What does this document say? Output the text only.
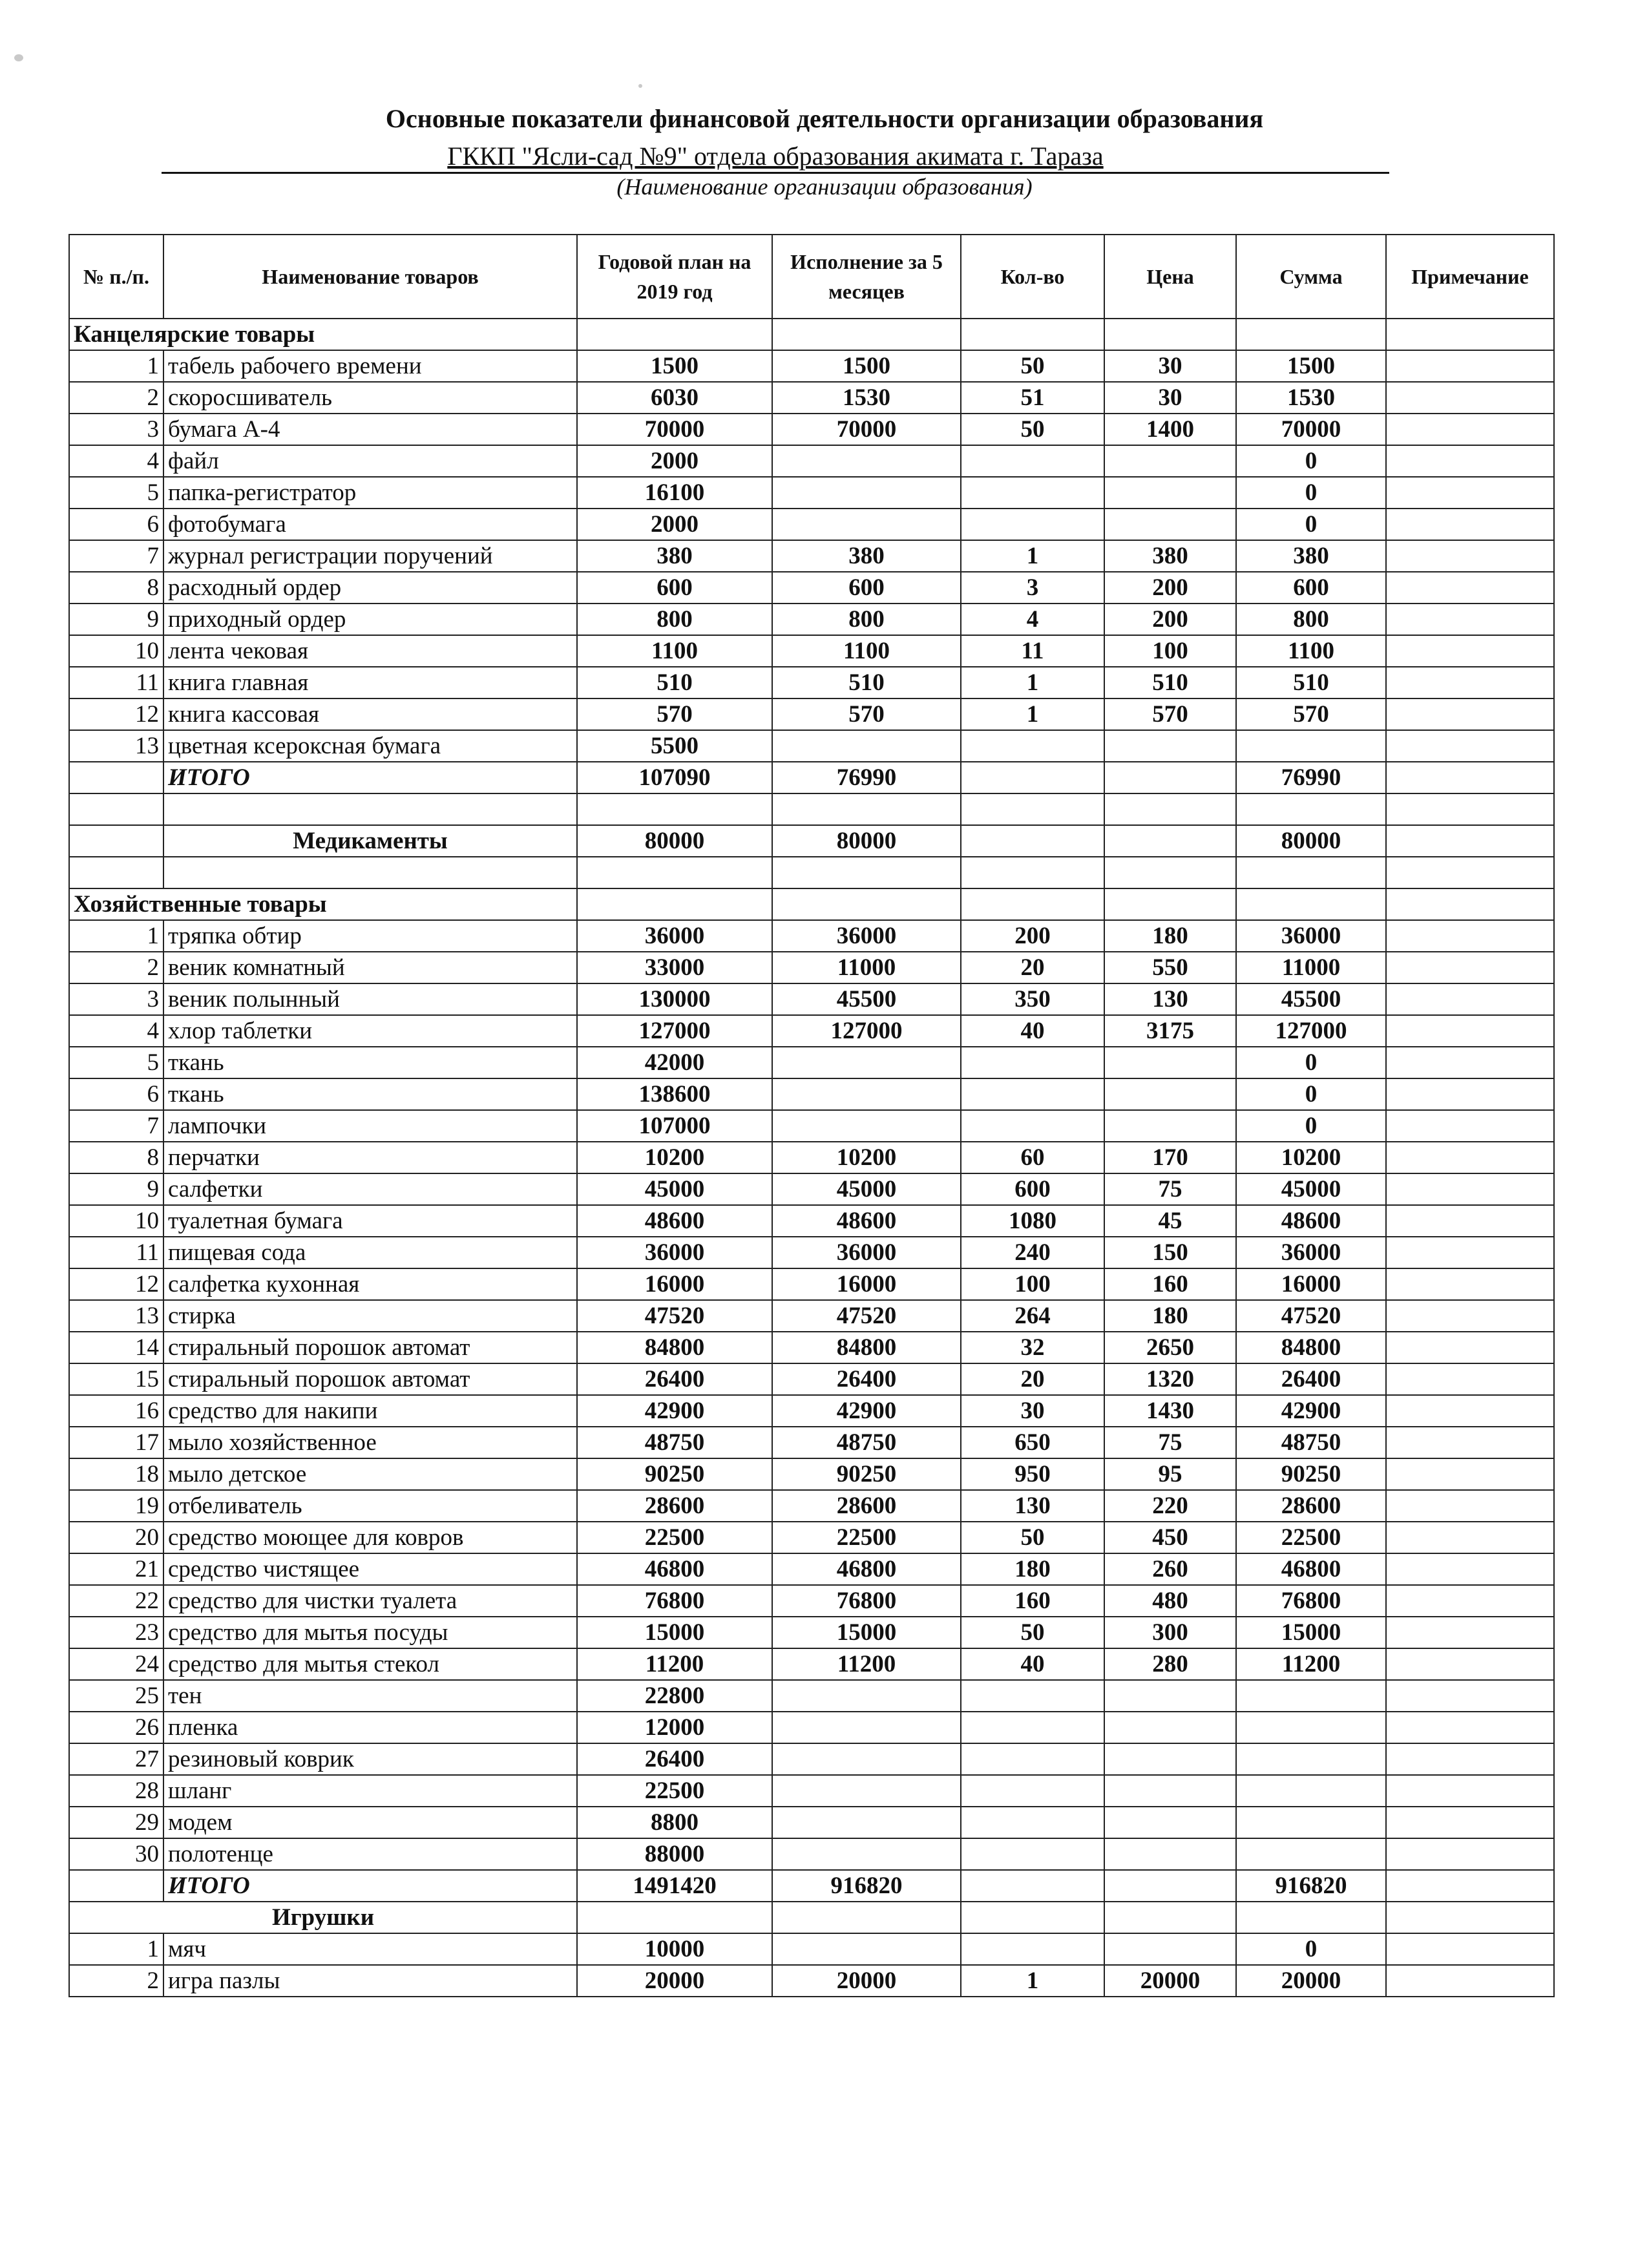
Основные показатели финансовой деятельности организации образования
ГККП "Ясли-сад №9" отдела образования акимата г. Тараза
(Наименование организации образования)
№ п./п.	Наименование товаров	Годовой план на 2019 год	Исполнение за 5 месяцев	Кол-во	Цена	Сумма	Примечание
Канцелярские товары							
1	табель рабочего времени	1500	1500	50	30	1500	
2	скоросшиватель	6030	1530	51	30	1530	
3	бумага А-4	70000	70000	50	1400	70000	
4	файл	2000				0	
5	папка-регистратор	16100				0	
6	фотобумага	2000				0	
7	журнал регистрации поручений	380	380	1	380	380	
8	расходный ордер	600	600	3	200	600	
9	приходный ордер	800	800	4	200	800	
10	лента чековая	1100	1100	11	100	1100	
11	книга главная	510	510	1	510	510	
12	книга кассовая	570	570	1	570	570	
13	цветная ксероксная бумага	5500					
	ИТОГО	107090	76990			76990	

	Медикаменты	80000	80000			80000	

Хозяйственные товары							
1	тряпка обтир	36000	36000	200	180	36000	
2	веник комнатный	33000	11000	20	550	11000	
3	веник полынный	130000	45500	350	130	45500	
4	хлор таблетки	127000	127000	40	3175	127000	
5	ткань	42000				0	
6	ткань	138600				0	
7	лампочки	107000				0	
8	перчатки	10200	10200	60	170	10200	
9	салфетки	45000	45000	600	75	45000	
10	туалетная бумага	48600	48600	1080	45	48600	
11	пищевая сода	36000	36000	240	150	36000	
12	салфетка кухонная	16000	16000	100	160	16000	
13	стирка	47520	47520	264	180	47520	
14	стиральный порошок автомат	84800	84800	32	2650	84800	
15	стиральный порошок автомат	26400	26400	20	1320	26400	
16	средство для накипи	42900	42900	30	1430	42900	
17	мыло хозяйственное	48750	48750	650	75	48750	
18	мыло детское	90250	90250	950	95	90250	
19	отбеливатель	28600	28600	130	220	28600	
20	средство моющее для ковров	22500	22500	50	450	22500	
21	средство чистящее	46800	46800	180	260	46800	
22	средство для чистки туалета	76800	76800	160	480	76800	
23	средство для мытья посуды	15000	15000	50	300	15000	
24	средство для мытья стекол	11200	11200	40	280	11200	
25	тен	22800					
26	пленка	12000					
27	резиновый коврик	26400					
28	шланг	22500					
29	модем	8800					
30	полотенце	88000					
	ИТОГО	1491420	916820			916820	
Игрушки							
1	мяч	10000				0	
2	игра пазлы	20000	20000	1	20000	20000	
